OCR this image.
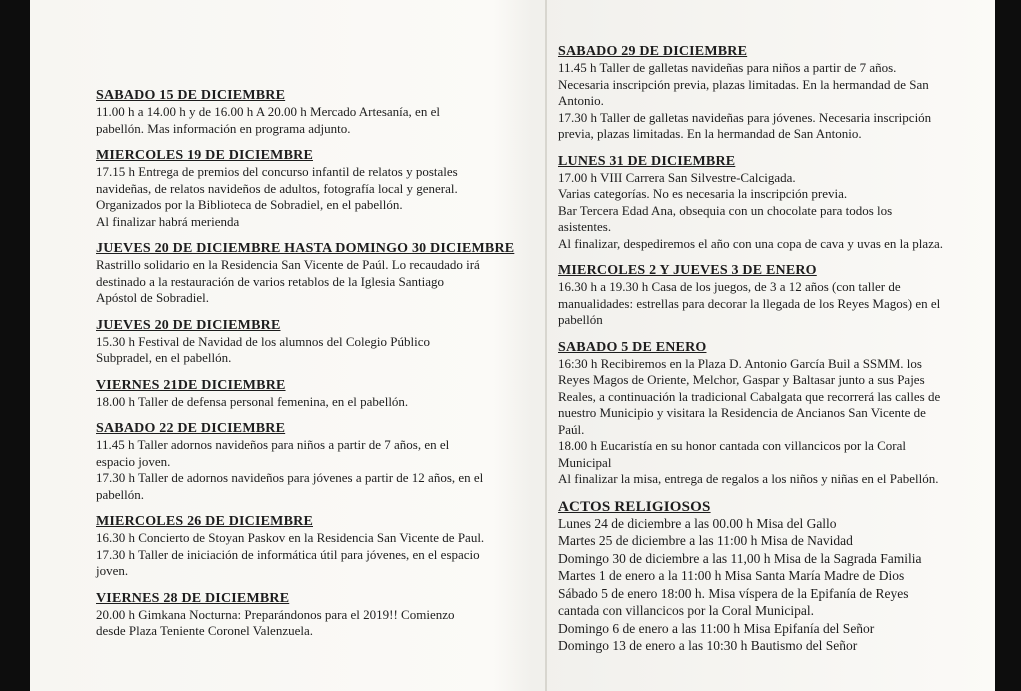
SABADO 15 DE DICIEMBRE
11.00 h a 14.00 h y de 16.00 h A 20.00 h Mercado Artesanía, en el
pabellón. Mas información en programa adjunto.
MIERCOLES 19 DE DICIEMBRE
17.15 h Entrega de premios del concurso infantil de relatos y postales
navideñas, de relatos navideños de adultos, fotografía local y general.
Organizados por la Biblioteca de Sobradiel, en el pabellón.
Al finalizar habrá merienda
JUEVES 20 DE DICIEMBRE HASTA DOMINGO 30 DICIEMBRE
Rastrillo solidario en la Residencia San Vicente de Paúl. Lo recaudado irá
destinado a la restauración de varios retablos de la Iglesia Santiago
Apóstol de Sobradiel.
JUEVES 20 DE DICIEMBRE
15.30 h Festival de Navidad de los alumnos del Colegio Público
Subpradel, en el pabellón.
VIERNES 21DE DICIEMBRE
18.00 h Taller de defensa personal femenina, en el pabellón.
SABADO 22 DE DICIEMBRE
11.45 h Taller adornos navideños para niños a partir de 7 años, en el
espacio joven.
17.30 h Taller de adornos navideños para jóvenes a partir de 12 años, en el
pabellón.
MIERCOLES 26 DE DICIEMBRE
16.30 h Concierto de Stoyan Paskov en la Residencia San Vicente de Paul.
17.30 h Taller de iniciación de informática útil para jóvenes, en el espacio
joven.
VIERNES 28 DE DICIEMBRE
20.00 h Gimkana Nocturna: Preparándonos para el 2019!! Comienzo
desde Plaza Teniente Coronel Valenzuela.
SABADO 29 DE DICIEMBRE
11.45 h Taller de galletas navideñas para niños a partir de 7 años.
Necesaria inscripción previa, plazas limitadas. En la hermandad de San
Antonio.
17.30 h Taller de galletas navideñas para jóvenes. Necesaria inscripción
previa, plazas limitadas. En la hermandad de San Antonio.
LUNES 31 DE DICIEMBRE
17.00 h VIII Carrera San Silvestre-Calcigada.
Varias categorías. No es necesaria la inscripción previa.
Bar Tercera Edad Ana, obsequia con un chocolate para todos los
asistentes.
Al finalizar, despediremos el año con una copa de cava y uvas en la plaza.
MIERCOLES 2 Y JUEVES 3 DE ENERO
16.30 h a 19.30 h Casa de los juegos, de 3 a 12 años (con taller de
manualidades: estrellas para decorar la llegada de los Reyes Magos) en el
pabellón
SABADO 5 DE ENERO
16:30 h Recibiremos en la Plaza D. Antonio García Buil a SSMM. los
Reyes Magos de Oriente, Melchor, Gaspar y Baltasar junto a sus Pajes
Reales, a continuación la tradicional Cabalgata que recorrerá las calles de
nuestro Municipio y visitara la Residencia de Ancianos San Vicente de
Paúl.
18.00 h Eucaristía en su honor cantada con villancicos por la Coral
Municipal
Al finalizar la misa, entrega de regalos a los niños y niñas en el Pabellón.
ACTOS RELIGIOSOS
Lunes 24 de diciembre a las 00.00 h Misa del Gallo
Martes 25 de diciembre a las 11:00 h Misa de Navidad
Domingo 30 de diciembre a las 11,00 h Misa de la Sagrada Familia
Martes 1 de enero a la 11:00 h Misa Santa María Madre de Dios
Sábado 5 de enero 18:00 h. Misa víspera de la Epifanía de Reyes
cantada con villancicos por la Coral Municipal.
Domingo 6 de enero a las 11:00 h Misa Epifanía del Señor
Domingo 13 de enero a las 10:30 h Bautismo del Señor
